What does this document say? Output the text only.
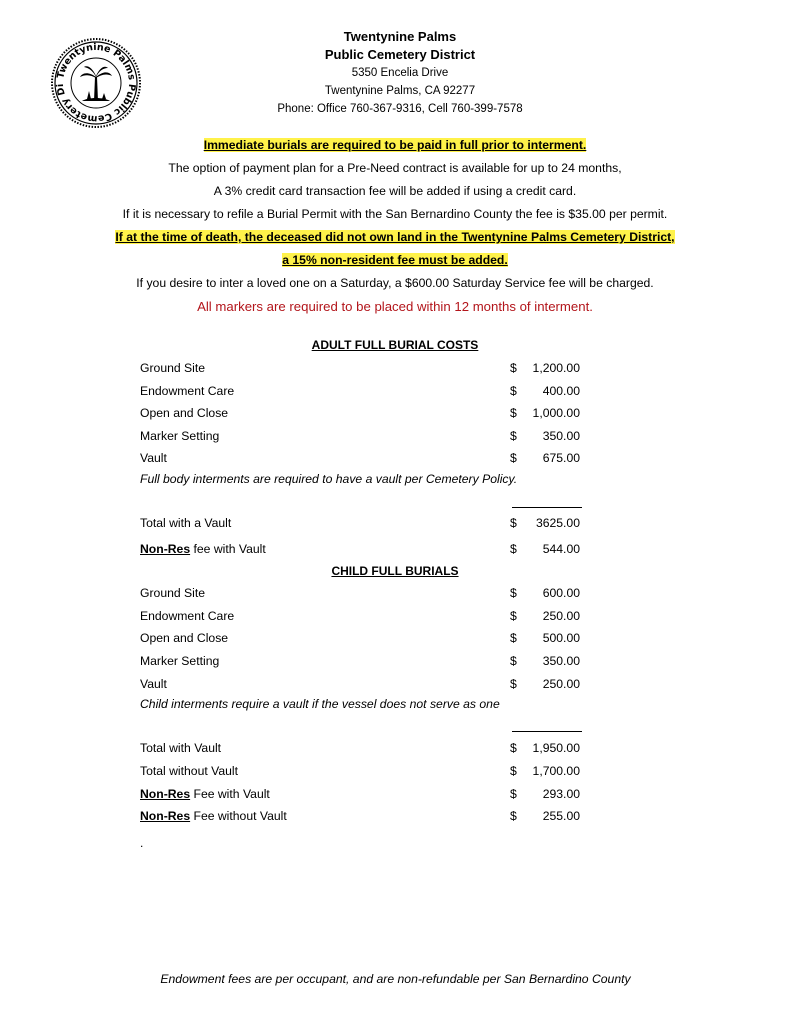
Twentynine Palms Public Cemetery Di
Twentynine Palms
Public Cemetery District
5350 Encelia Drive
Twentynine Palms, CA 92277
Phone: Office 760-367-9316, Cell 760-399-7578
Immediate burials are required to be paid in full prior to interment.
The option of payment plan for a Pre-Need contract is available for up to 24 months,
A 3% credit card transaction fee will be added if using a credit card.
If it is necessary to refile a Burial Permit with the San Bernardino County the fee is $35.00 per permit.
If at the time of death, the deceased did not own land in the Twentynine Palms Cemetery District,
a 15% non-resident fee must be added.
If you desire to inter a loved one on a Saturday, a $600.00 Saturday Service fee will be charged.
All markers are required to be placed within 12 months of interment.
ADULT FULL BURIAL COSTS
Ground Site	$ 1,200.00
Endowment Care	$ 400.00
Open and Close	$ 1,000.00
Marker Setting	$ 350.00
Vault	$ 675.00
Full body interments are required to have a vault per Cemetery Policy.
Total with a Vault	$ 3625.00
Non-Res fee with Vault	$ 544.00
CHILD FULL BURIALS
Ground Site	$ 600.00
Endowment Care	$ 250.00
Open and Close	$ 500.00
Marker Setting	$ 350.00
Vault	$ 250.00
Child interments require a vault if the vessel does not serve as one
Total with Vault	$ 1,950.00
Total without Vault	$ 1,700.00
Non-Res Fee with Vault	$ 293.00
Non-Res Fee without Vault	$ 255.00
.
Endowment fees are per occupant, and are non-refundable per San Bernardino County
